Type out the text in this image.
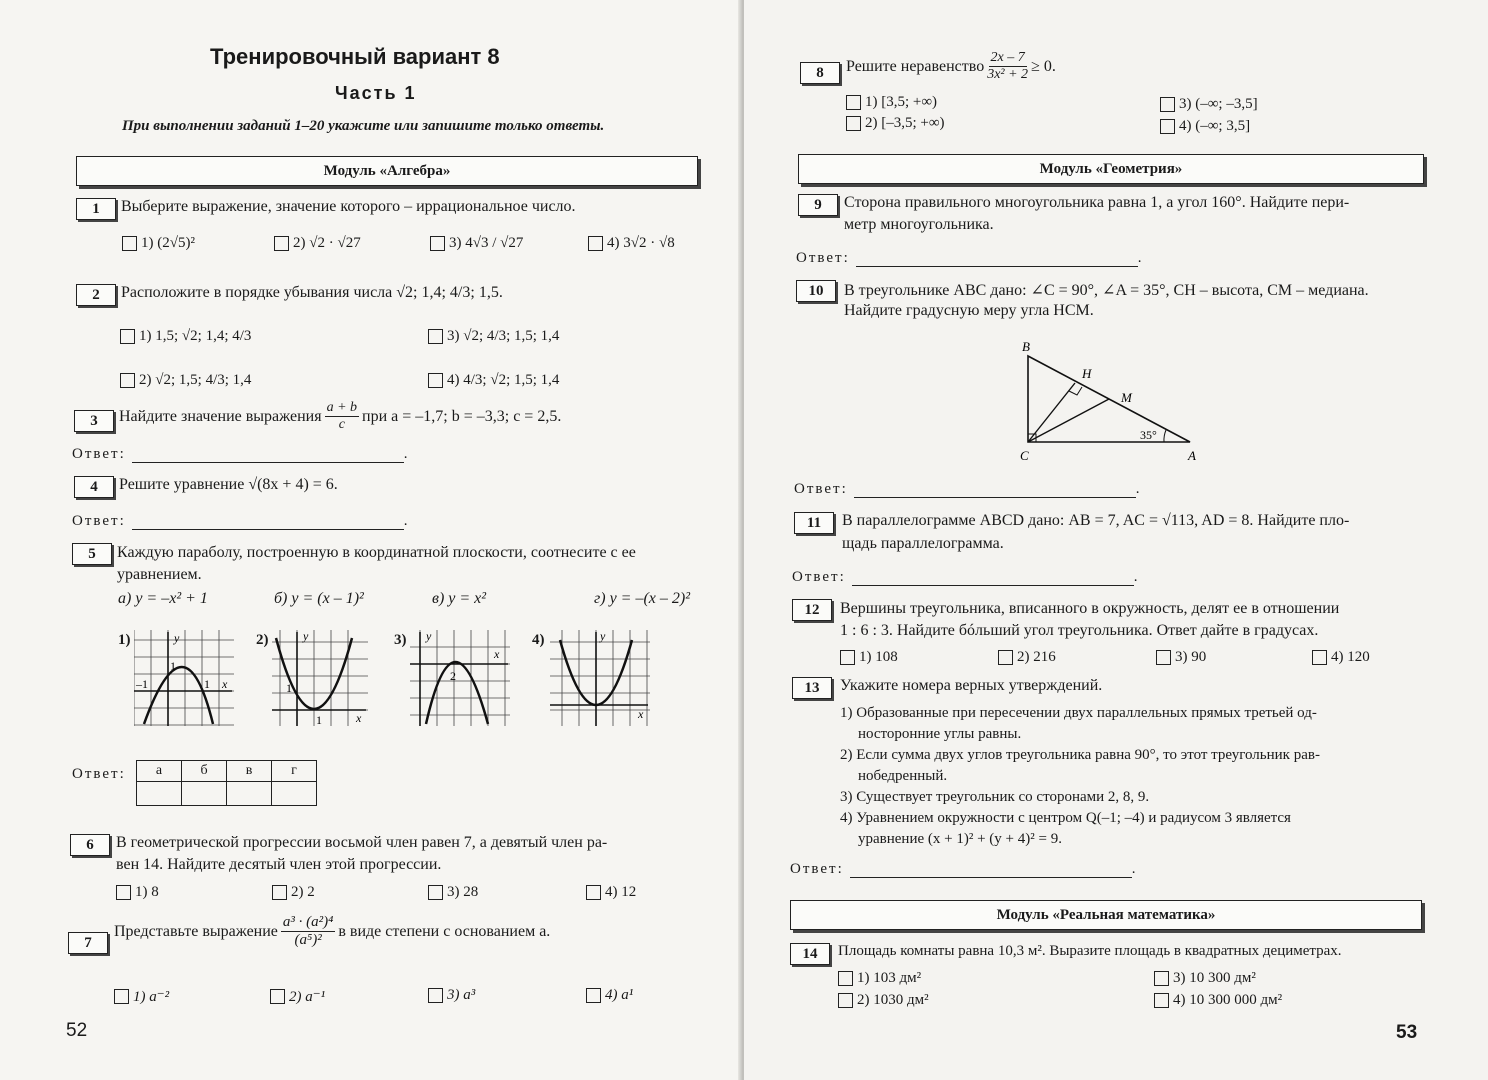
Тренировочный вариант 8
Часть 1
При выполнении заданий 1–20 укажите или запишите только ответы.
Модуль «Алгебра»
1	Выберите выражение, значение которого – иррациональное число.
1) (2√5)²	2) √2 · √27	3) 4√3 / √27	4) 3√2 · √8
2	Расположите в порядке убывания числа √2; 1,4; 4/3; 1,5.
1) 1,5; √2; 1,4; 4/3	3) √2; 4/3; 1,5; 1,4
2) √2; 1,5; 4/3; 1,4	4) 4/3; √2; 1,5; 1,4
3	Найдите значение выражения $\frac{a + b}{c}$ при a = –1,7; b = –3,3; c = 2,5.
Ответ:	.
4	Решите уравнение √(8x + 4) = 6.
Ответ:	.
5	Каждую параболу, построенную в координатной плоскости, соотнесите с ее уравнением.
а) y = –x² + 1	б) y = (x – 1)²	в) y = x²	г) y = –(x – 2)²
1)	y
x
1
–1	1
2)	y
x
1
1
3) y
x
2
4)	y
x
Ответ: а	б	в	г

6	В геометрической прогрессии восьмой член равен 7, а девятый член ра-
вен 14. Найдите десятый член этой прогрессии.
1) 8	2) 2	3) 28	4) 12
7
Представьте выражение $\frac{\text{a³ · (a²)⁴}}{\text{(a⁵)²}}$ в виде степени с основанием a.
1) a⁻²	2) a⁻¹	3) a³	4) a¹
52
8	Решите неравенство $\frac{2x - 7}{\text{3x² + 2}} \ge 0$.
1) [3,5; +∞)	3) (–∞; –3,5]
2) [–3,5; +∞)	4) (–∞; 3,5]
Модуль «Геометрия»
9	Сторона правильного многоугольника равна 1, а угол 160°. Найдите пери-
метр многоугольника.
Ответ:	.
10	В треугольнике ABC дано: ∠C = 90°, ∠A = 35°, CH – высота, CM – медиана.
Найдите градусную меру угла HCM.
B
H
M
C	A
35°
Ответ:	.
11	В параллелограмме ABCD дано: AB = 7, AC = √113, AD = 8. Найдите пло-
щадь параллелограмма.
Ответ:	.
12	Вершины треугольника, вписанного в окружность, делят ее в отношении
1 : 6 : 3. Найдите бóльший угол треугольника. Ответ дайте в градусах.
1) 108	2) 216	3) 90	4) 120
13	Укажите номера верных утверждений.
1) Образованные при пересечении двух параллельных прямых третьей од-
носторонние углы равны.
2) Если сумма двух углов треугольника равна 90°, то этот треугольник рав-
нобедренный.
3) Существует треугольник со сторонами 2, 8, 9.
4) Уравнением окружности с центром Q(–1; –4) и радиусом 3 является
уравнение (x + 1)² + (y + 4)² = 9.
Ответ:	.
Модуль «Реальная математика»
14	Площадь комнаты равна 10,3 м². Выразите площадь в квадратных дециметрах.
1) 103 дм²	3) 10 300 дм²
2) 1030 дм²	4) 10 300 000 дм²
53
